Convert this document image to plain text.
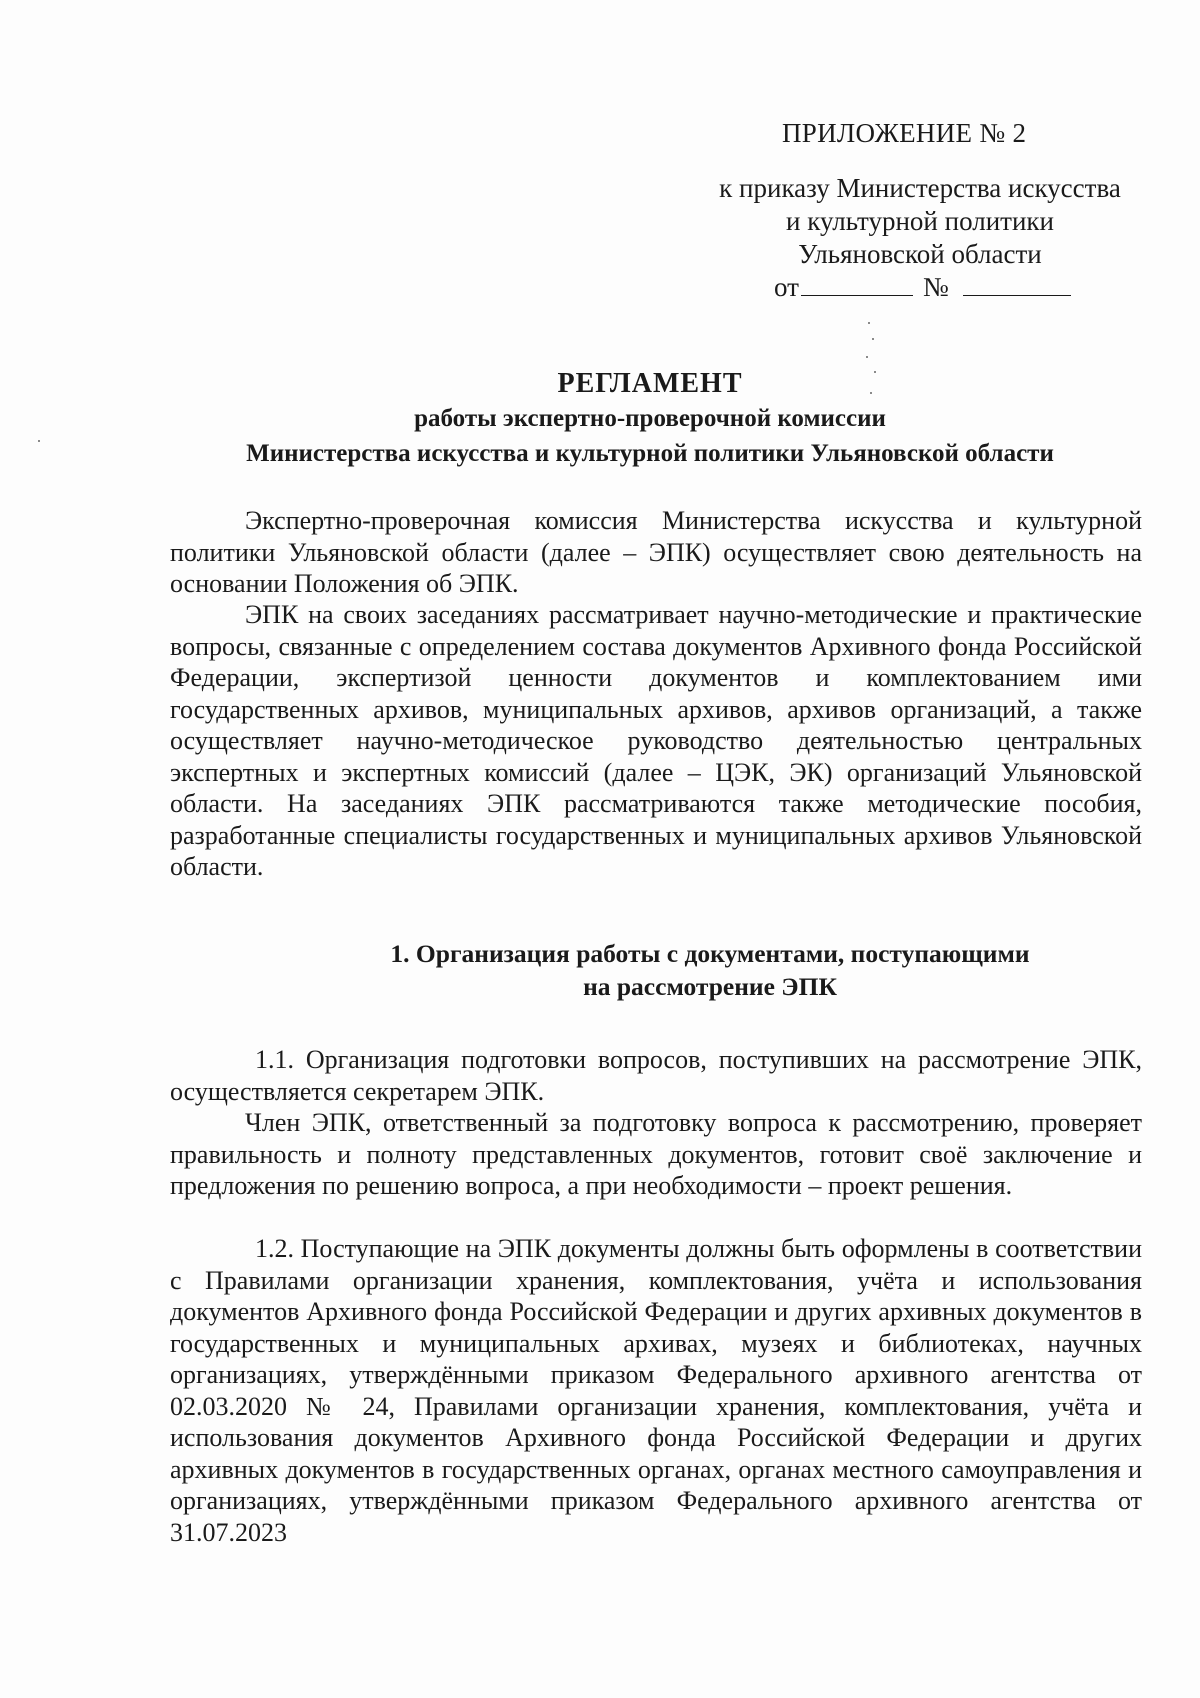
ПРИЛОЖЕНИЕ № 2
к приказу Министерства искусства
и культурной политики
Ульяновской области
от	№
РЕГЛАМЕНТ
работы экспертно-проверочной комиссии
Министерства искусства и культурной политики Ульяновской области

Экспертно-проверочная комиссия Министерства искусства и культурной политики Ульяновской области (далее – ЭПК) осуществляет свою деятельность на основании Положения об ЭПК.

ЭПК на своих заседаниях рассматривает научно-методические и практические вопросы, связанные с определением состава документов Архивного фонда Российской Федерации, экспертизой ценности документов и комплектованием ими государственных архивов, муниципальных архивов, архивов организаций, а также осуществляет научно-методическое руководство деятельностью центральных экспертных и экспертных комиссий (далее – ЦЭК, ЭК) организаций Ульяновской области. На заседаниях ЭПК рассматриваются также методические пособия, разработанные специалисты государственных и муниципальных архивов Ульяновской области.

1. Организация работы с документами, поступающими
на рассмотрение ЭПК

1.1. Организация подготовки вопросов, поступивших на рассмотрение ЭПК, осуществляется секретарем ЭПК.

Член ЭПК, ответственный за подготовку вопроса к рассмотрению, проверяет правильность и полноту представленных документов, готовит своё заключение и предложения по решению вопроса, а при необходимости – проект решения.

1.2. Поступающие на ЭПК документы должны быть оформлены в соответствии с Правилами организации хранения, комплектования, учёта и использования документов Архивного фонда Российской Федерации и других архивных документов в государственных и муниципальных архивах, музеях и библиотеках, научных организациях, утверждёнными приказом Федерального архивного агентства от 02.03.2020 № 24, Правилами организации хранения, комплектования, учёта и использования документов Архивного фонда Российской Федерации и других архивных документов в государственных органах, органах местного самоуправления и организациях, утверждёнными приказом Федерального архивного агентства от 31.07.2023
